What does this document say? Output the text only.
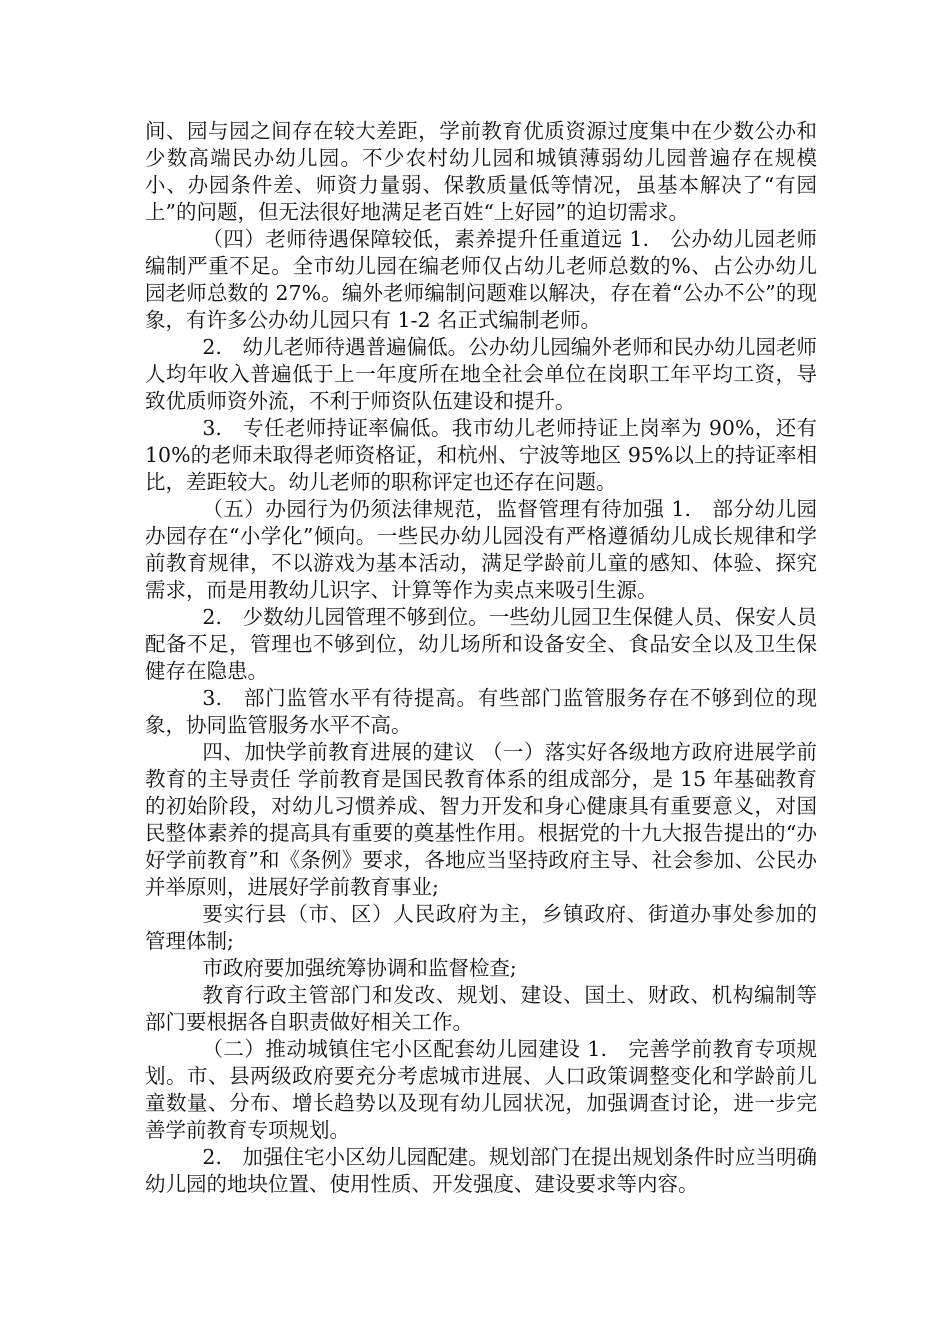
间、园与园之间存在较大差距，学前教育优质资源过度集中在少数公办和少数高端民办幼儿园。不少农村幼儿园和城镇薄弱幼儿园普遍存在规模小、办园条件差、师资力量弱、保教质量低等情况，虽基本解决了“有园上”的问题，但无法很好地满足老百姓“上好园”的迫切需求。

（四）老师待遇保障较低，素养提升任重道远 1.　公办幼儿园老师编制严重不足。全市幼儿园在编老师仅占幼儿老师总数的%、占公办幼儿园老师总数的 27%。编外老师编制问题难以解决，存在着“公办不公”的现象，有许多公办幼儿园只有 1-2 名正式编制老师。

2.　幼儿老师待遇普遍偏低。公办幼儿园编外老师和民办幼儿园老师人均年收入普遍低于上一年度所在地全社会单位在岗职工年平均工资，导致优质师资外流，不利于师资队伍建设和提升。

3.　专任老师持证率偏低。我市幼儿老师持证上岗率为 90%，还有 10%的老师未取得老师资格证，和杭州、宁波等地区 95%以上的持证率相比，差距较大。幼儿老师的职称评定也还存在问题。

（五）办园行为仍须法律规范，监督管理有待加强 1.　部分幼儿园办园存在“小学化”倾向。一些民办幼儿园没有严格遵循幼儿成长规律和学前教育规律，不以游戏为基本活动，满足学龄前儿童的感知、体验、探究需求，而是用教幼儿识字、计算等作为卖点来吸引生源。

2.　少数幼儿园管理不够到位。一些幼儿园卫生保健人员、保安人员配备不足，管理也不够到位，幼儿场所和设备安全、食品安全以及卫生保健存在隐患。

3.　部门监管水平有待提高。有些部门监管服务存在不够到位的现象，协同监管服务水平不高。

四、加快学前教育进展的建议 （一）落实好各级地方政府进展学前教育的主导责任 学前教育是国民教育体系的组成部分，是 15 年基础教育的初始阶段，对幼儿习惯养成、智力开发和身心健康具有重要意义，对国民整体素养的提高具有重要的奠基性作用。根据党的十九大报告提出的“办好学前教育”和《条例》要求，各地应当坚持政府主导、社会参加、公民办并举原则，进展好学前教育事业;

要实行县（市、区）人民政府为主，乡镇政府、街道办事处参加的管理体制;

市政府要加强统筹协调和监督检查;

教育行政主管部门和发改、规划、建设、国土、财政、机构编制等部门要根据各自职责做好相关工作。

（二）推动城镇住宅小区配套幼儿园建设 1.　完善学前教育专项规划。市、县两级政府要充分考虑城市进展、人口政策调整变化和学龄前儿童数量、分布、增长趋势以及现有幼儿园状况，加强调查讨论，进一步完善学前教育专项规划。

2.　加强住宅小区幼儿园配建。规划部门在提出规划条件时应当明确幼儿园的地块位置、使用性质、开发强度、建设要求等内容。
